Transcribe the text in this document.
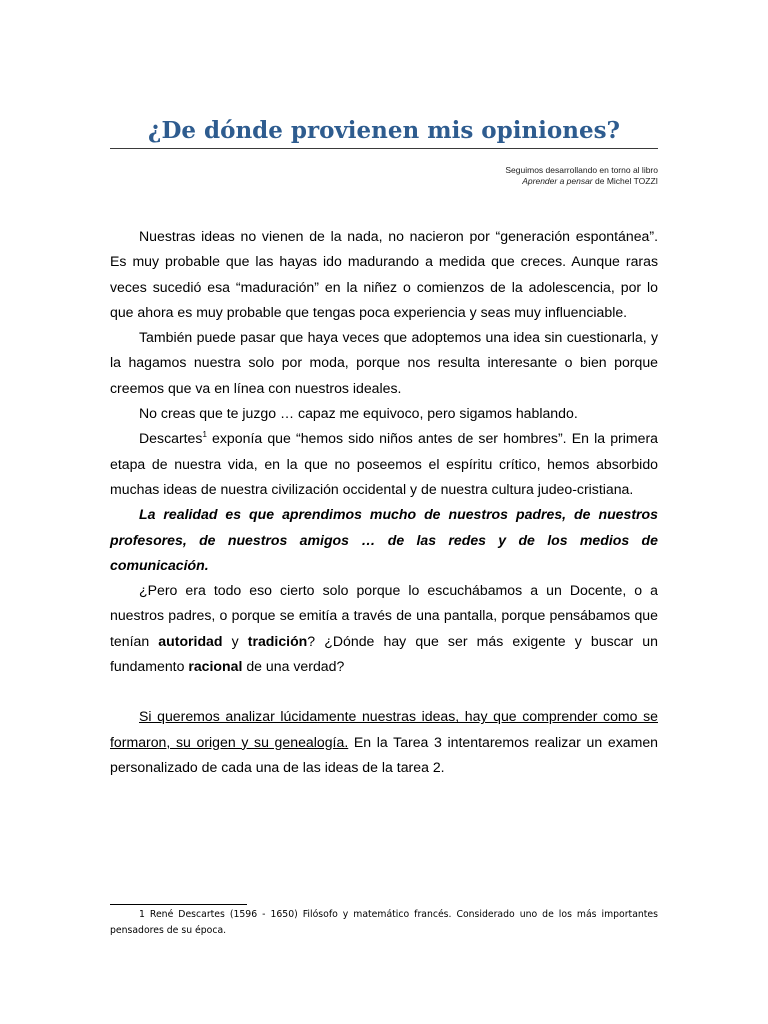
¿De dónde provienen mis opiniones?
Seguimos desarrollando en torno al libro
Aprender a pensar de Michel TOZZI

Nuestras ideas no vienen de la nada, no nacieron por “generación espontánea”. Es muy probable que las hayas ido madurando a medida que creces. Aunque raras veces sucedió esa “maduración” en la niñez o comienzos de la adolescencia, por lo que ahora es muy probable que tengas poca experiencia y seas muy influenciable.

También puede pasar que haya veces que adoptemos una idea sin cuestionarla, y la hagamos nuestra solo por moda, porque nos resulta interesante o bien porque creemos que va en línea con nuestros ideales.

No creas que te juzgo … capaz me equivoco, pero sigamos hablando.

Descartes$^1$ exponía que “hemos sido niños antes de ser hombres”. En la primera etapa de nuestra vida, en la que no poseemos el espíritu crítico, hemos absorbido muchas ideas de nuestra civilización occidental y de nuestra cultura judeo-cristiana.

La realidad es que aprendimos mucho de nuestros padres, de nuestros profesores, de nuestros amigos … de las redes y de los medios de comunicación.

¿Pero era todo eso cierto solo porque lo escuchábamos a un Docente, o a nuestros padres, o porque se emitía a través de una pantalla, porque pensábamos que tenían autoridad y tradición? ¿Dónde hay que ser más exigente y buscar un fundamento racional de una verdad?

Si queremos analizar lúcidamente nuestras ideas, hay que comprender como se formaron, su origen y su genealogía. En la Tarea 3 intentaremos realizar un examen personalizado de cada una de las ideas de la tarea 2.

1 René Descartes (1596 - 1650) Filósofo y matemático francés. Considerado uno de los más importantes pensadores de su época.
